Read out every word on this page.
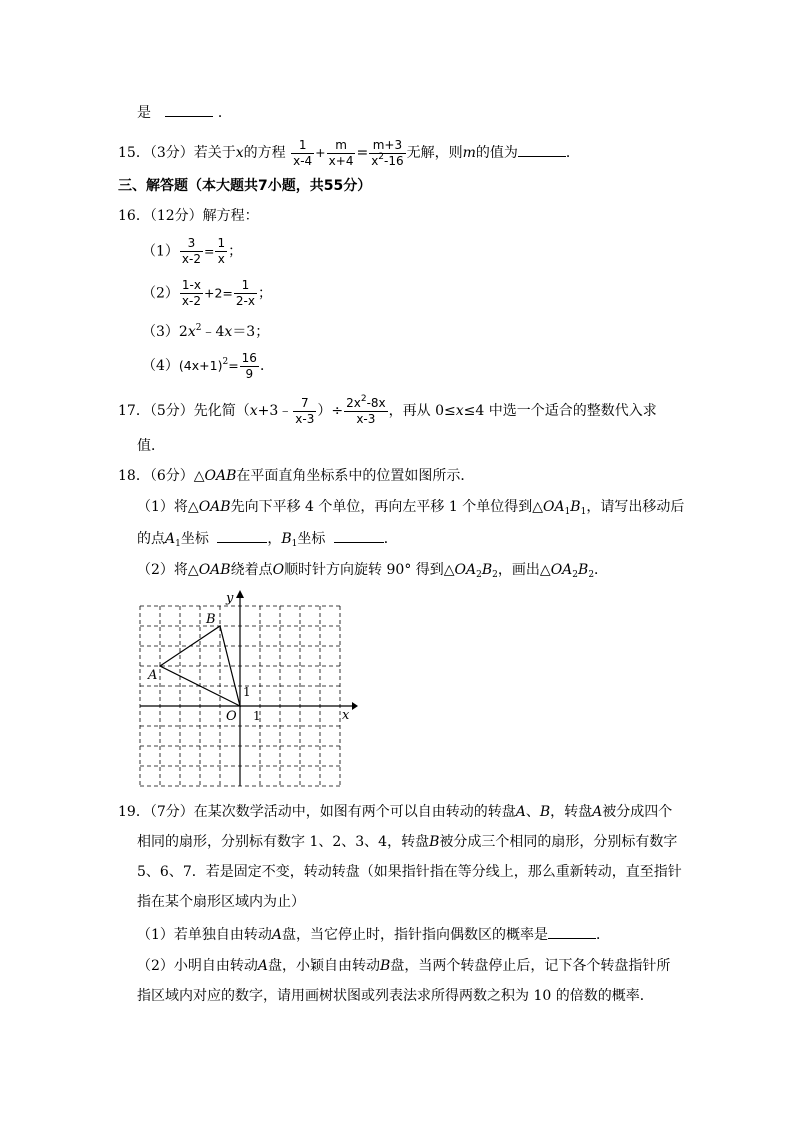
是	．
15．（3分）若关于x的方程 $\frac{1}{x-4} + \frac{m}{x+4} = \frac{m+3}{x^2-16}$ 无解，则m的值为	．
三、解答题（本大题共7小题，共55分）
16．（12分）解方程：
$(1) \frac{3}{x-2} = \frac{1}{x}$ ；
$(2) \frac{1-x}{x-2} +2= \frac{1}{2-x}$ ；
$(3)2x^2﹣4x=3$；
$(4)(4x+1)^2= \frac{16}{9}$ ．
17．（5分）先化简（x+3﹣ $\frac{7}{x-3}$ ）÷ $\frac{2x^2-8x}{x-3}$ ，再从 0≤x≤4 中选一个适合的整数代入求
值．
18．（6分）△OAB在平面直角坐标系中的位置如图所示．
（1）将△OAB先向下平移 4 个单位，再向左平移 1 个单位得到$\triangle OA_1B_1$，请写出移动后
的点$A_1$坐标	，$B_1$坐标	．
（2）将△OAB绕着点O顺时针方向旋转 90° 得到$\triangle OA_2B_2$，画出$\triangle OA_2B_2$．
A
B
O 1
1
x
y
19．（7分）在某次数学活动中，如图有两个可以自由转动的转盘A、B，转盘A被分成四个
相同的扇形，分别标有数字 1、2、3、4，转盘B被分成三个相同的扇形，分别标有数字
5、6、7．若是固定不变，转动转盘（如果指针指在等分线上，那么重新转动，直至指针
指在某个扇形区域内为止）
（1）若单独自由转动A盘，当它停止时，指针指向偶数区的概率是	．
（2）小明自由转动A盘，小颖自由转动B盘，当两个转盘停止后，记下各个转盘指针所
指区域内对应的数字，请用画树状图或列表法求所得两数之积为 10 的倍数的概率．
